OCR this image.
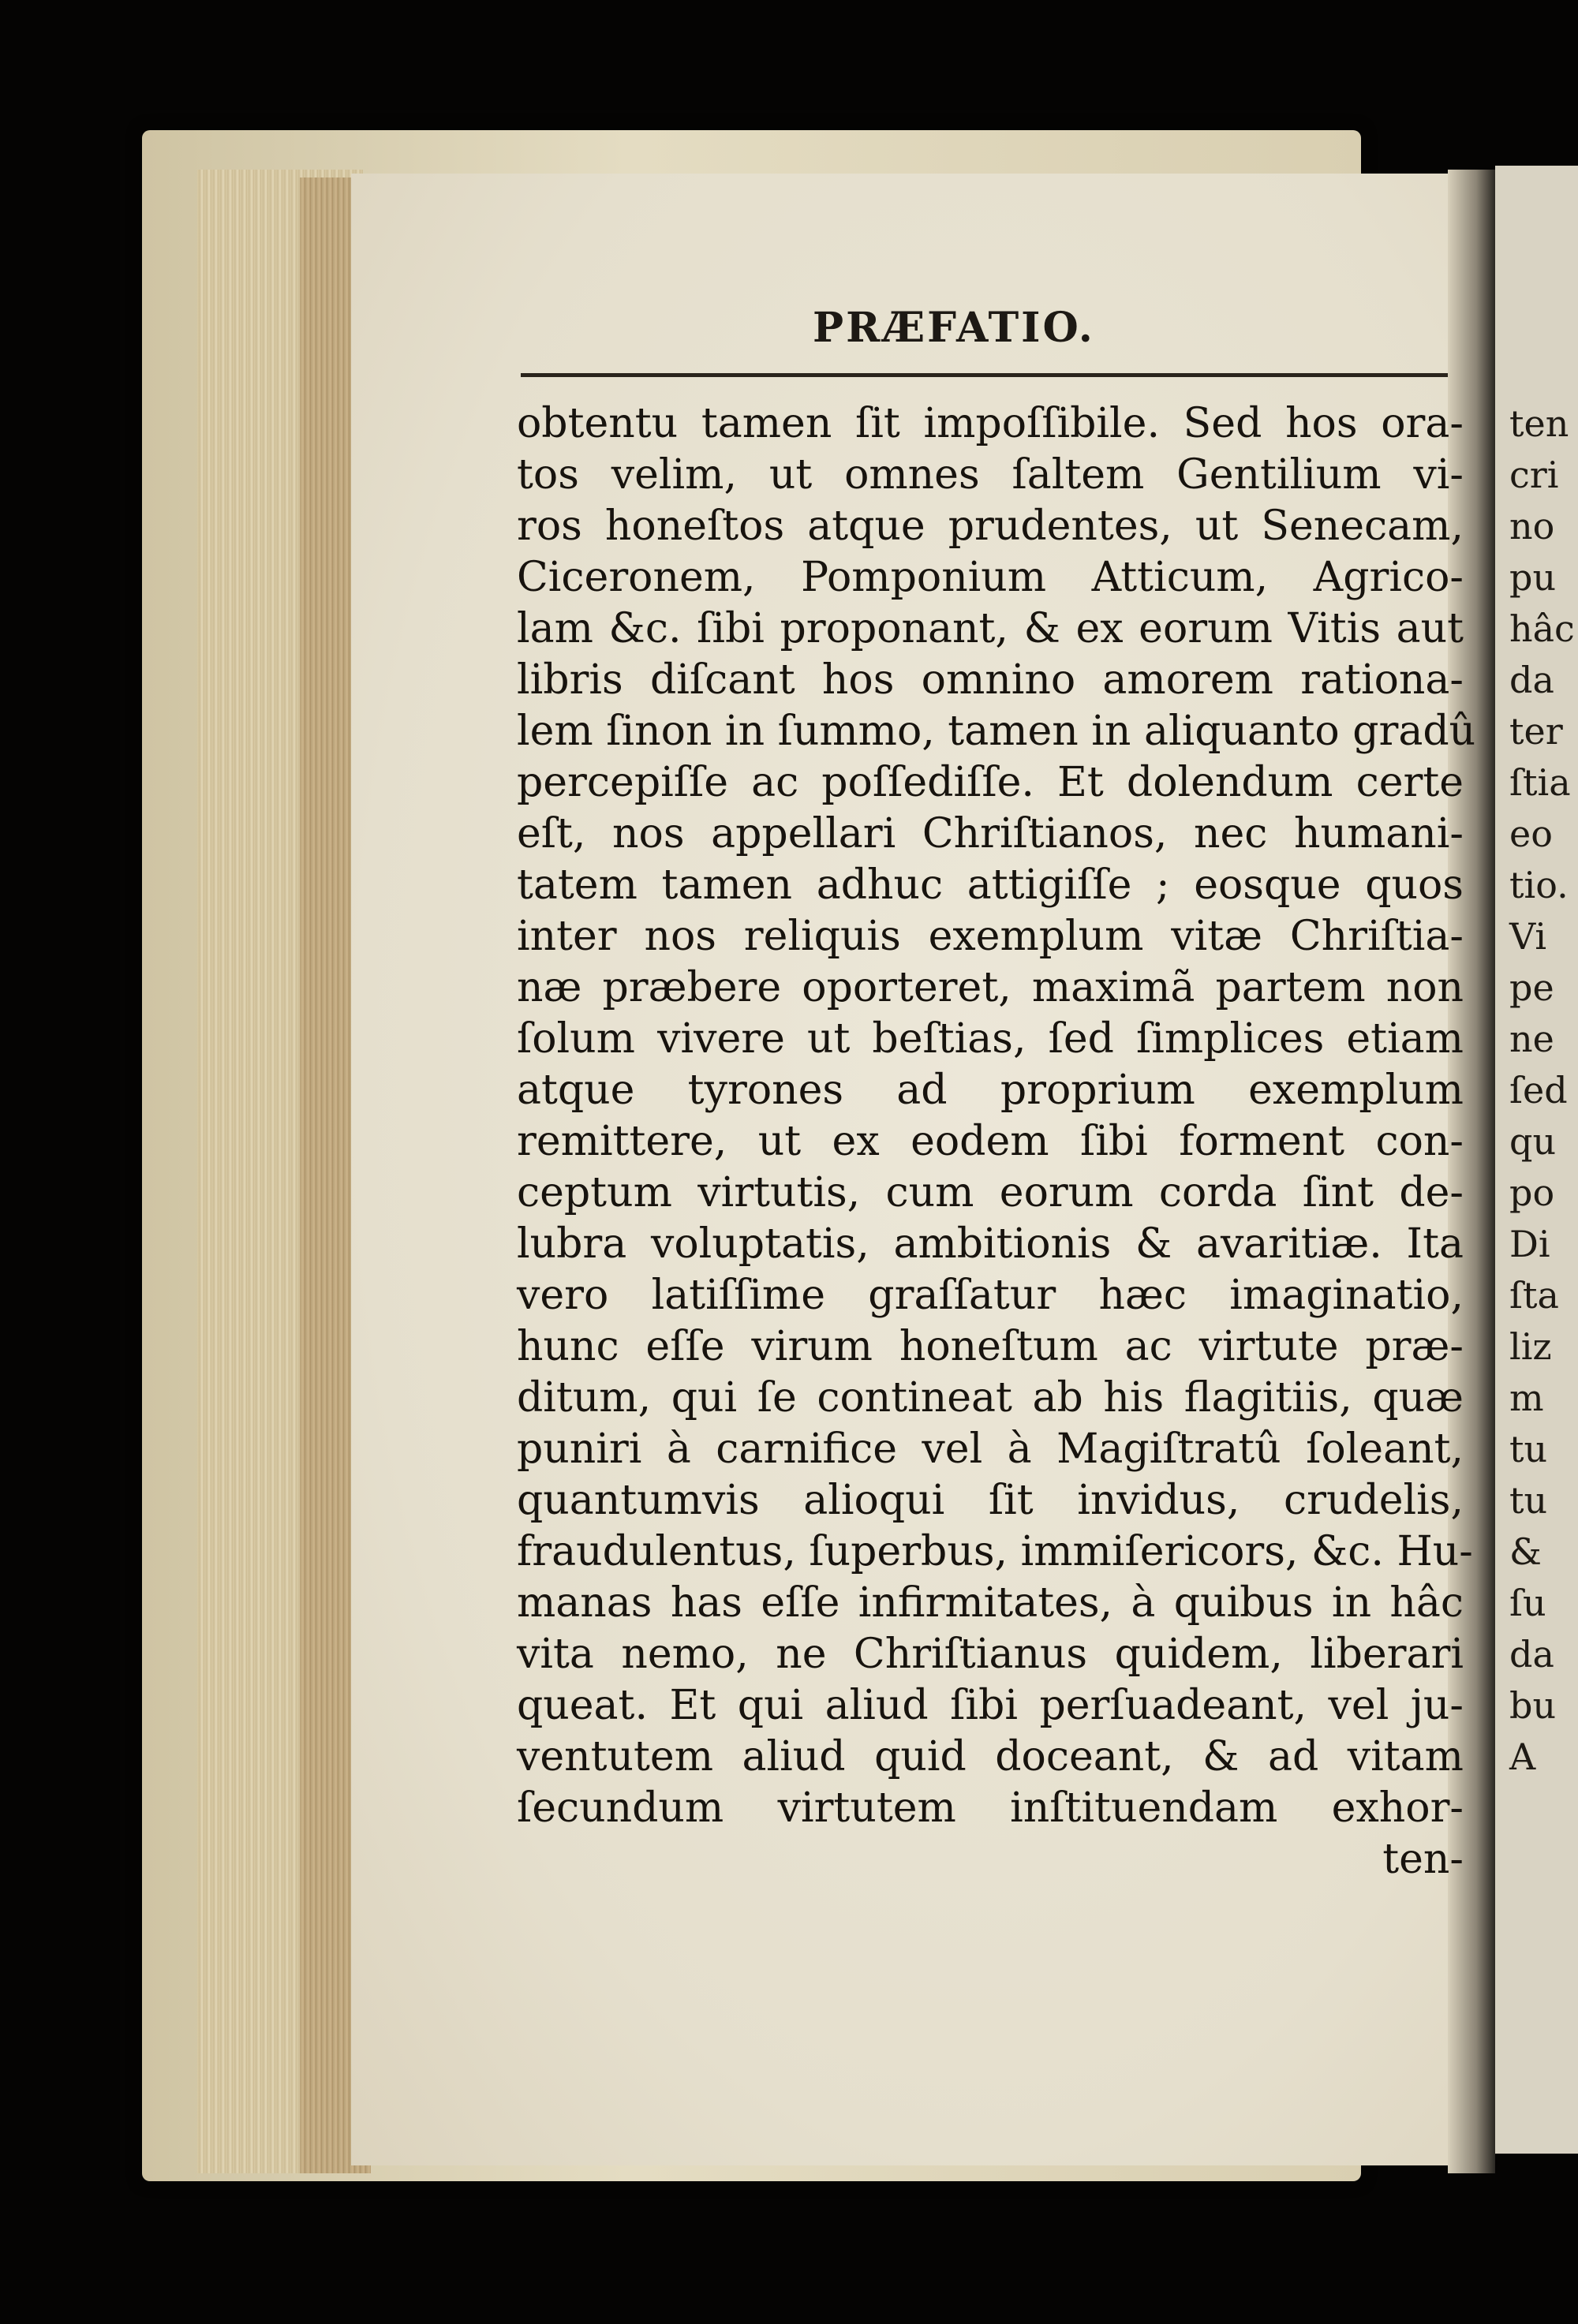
ten
cri
no
pu
hâc
da
ter
ſtia
eo
tio.
Vi
pe
ne
ſed
qu
po
Di
ſta
liz
m
tu
tu
&
ſu
da
bu
A
PRÆFATIO.
obtentu tamen ſit impoſſibile. Sed hos ora-
tos velim, ut omnes ſaltem Gentilium vi-
ros honeſtos atque prudentes, ut Senecam,
Ciceronem, Pomponium Atticum, Agrico-
lam &c. ſibi proponant, & ex eorum Vitis aut
libris diſcant hos omnino amorem rationa-
lem ſinon in ſummo, tamen in aliquanto gradû
percepiſſe ac poſſediſſe. Et dolendum certe
eſt, nos appellari Chriſtianos, nec humani-
tatem tamen adhuc attigiſſe ; eosque quos
inter nos reliquis exemplum vitæ Chriſtia-
næ præbere oporteret, maximã partem non
ſolum vivere ut beſtias, ſed ſimplices etiam
atque tyrones ad proprium exemplum
remittere, ut ex eodem ſibi forment con-
ceptum virtutis, cum eorum corda ſint de-
lubra voluptatis, ambitionis & avaritiæ. Ita
vero latiſſime graſſatur hæc imaginatio,
hunc eſſe virum honeſtum ac virtute præ-
ditum, qui ſe contineat ab his flagitiis, quæ
puniri à carnifice vel à Magiſtratû ſoleant,
quantumvis alioqui ſit invidus, crudelis,
fraudulentus, ſuperbus, immiſericors, &c. Hu-
manas has eſſe infirmitates, à quibus in hâc
vita nemo, ne Chriſtianus quidem, liberari
queat. Et qui aliud ſibi perſuadeant, vel ju-
ventutem aliud quid doceant, & ad vitam
ſecundum virtutem inſtituendam exhor-
ten-
